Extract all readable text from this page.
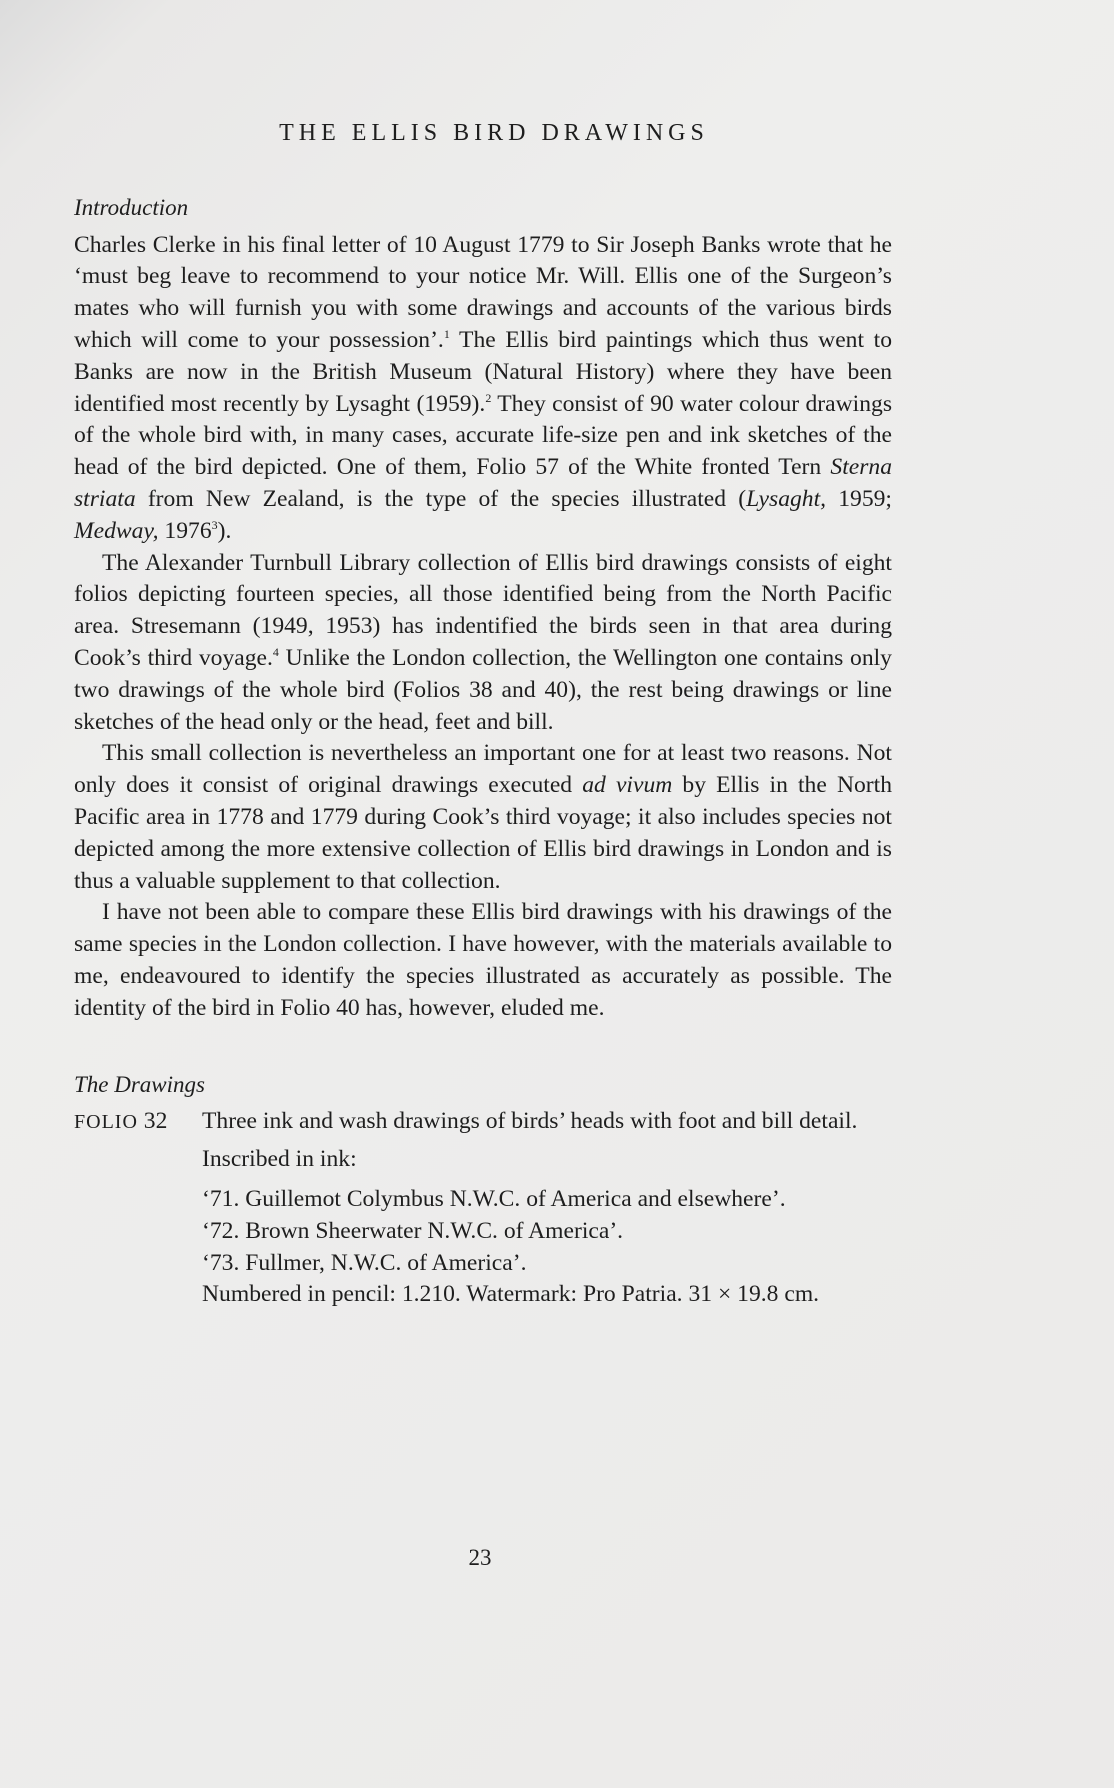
THE ELLIS BIRD DRAWINGS
Introduction

Charles Clerke in his final letter of 10 August 1779 to Sir Joseph Banks wrote that he ‘must beg leave to recommend to your notice Mr. Will. Ellis one of the Surgeon’s mates who will furnish you with some drawings and accounts of the various birds which will come to your possession’.$^1$ The Ellis bird paintings which thus went to Banks are now in the British Museum (Natural History) where they have been identified most recently by Lysaght (1959).$^2$ They consist of 90 water colour drawings of the whole bird with, in many cases, accurate life-size pen and ink sketches of the head of the bird depicted. One of them, Folio 57 of the White fronted Tern Sterna striata from New Zealand, is the type of the species illustrated (Lysaght, 1959; Medway, 1976$^3$).

The Alexander Turnbull Library collection of Ellis bird drawings consists of eight folios depicting fourteen species, all those identified being from the North Pacific area. Stresemann (1949, 1953) has indentified the birds seen in that area during Cook’s third voyage.$^4$ Unlike the London collection, the Wellington one contains only two drawings of the whole bird (Folios 38 and 40), the rest being drawings or line sketches of the head only or the head, feet and bill.

This small collection is nevertheless an important one for at least two reasons. Not only does it consist of original drawings executed ad vivum by Ellis in the North Pacific area in 1778 and 1779 during Cook’s third voyage; it also includes species not depicted among the more extensive collection of Ellis bird drawings in London and is thus a valuable supplement to that collection.

I have not been able to compare these Ellis bird drawings with his drawings of the same species in the London collection. I have however, with the materials available to me, endeavoured to identify the species illustrated as accurately as possible. The identity of the bird in Folio 40 has, however, eluded me.

The Drawings
FOLIO 32	Three ink and wash drawings of birds’ heads with foot and bill detail.

Inscribed in ink:

‘71. Guillemot Colymbus N.W.C. of America and elsewhere’.
‘72. Brown Sheerwater N.W.C. of America’.
‘73. Fullmer, N.W.C. of America’.
Numbered in pencil: 1.210. Watermark: Pro Patria. 31 × 19.8 cm.
23
